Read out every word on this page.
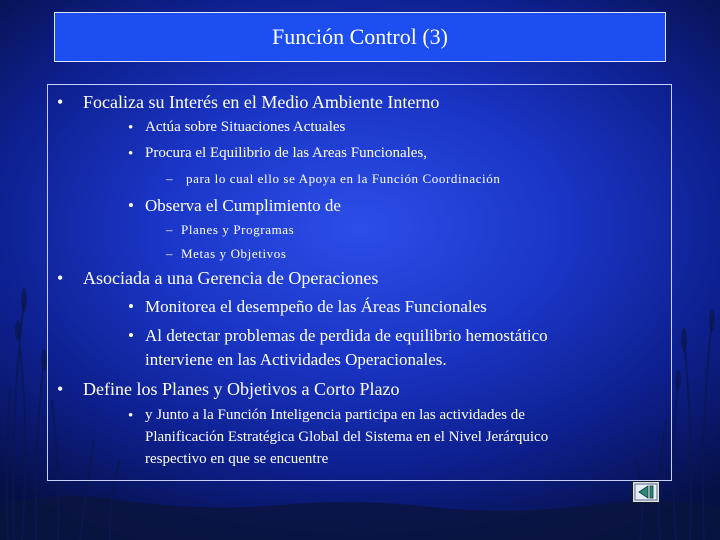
Función Control (3)
• Focaliza su Interés en el Medio Ambiente Interno
• Actúa sobre Situaciones Actuales
• Procura el Equilibrio de las Areas Funcionales,
– para lo cual ello se Apoya en la Función Coordinación
• Observa el Cumplimiento de
– Planes y Programas
– Metas y Objetivos
• Asociada a una Gerencia de Operaciones
• Monitorea el desempeño de las Áreas Funcionales
• Al detectar problemas de perdida de equilibrio hemostático
interviene en las Actividades Operacionales.
• Define los Planes y Objetivos a Corto Plazo
• y Junto a la Función Inteligencia participa en las actividades de
Planificación Estratégica Global del Sistema en el Nivel Jerárquico
respectivo en que se encuentre
